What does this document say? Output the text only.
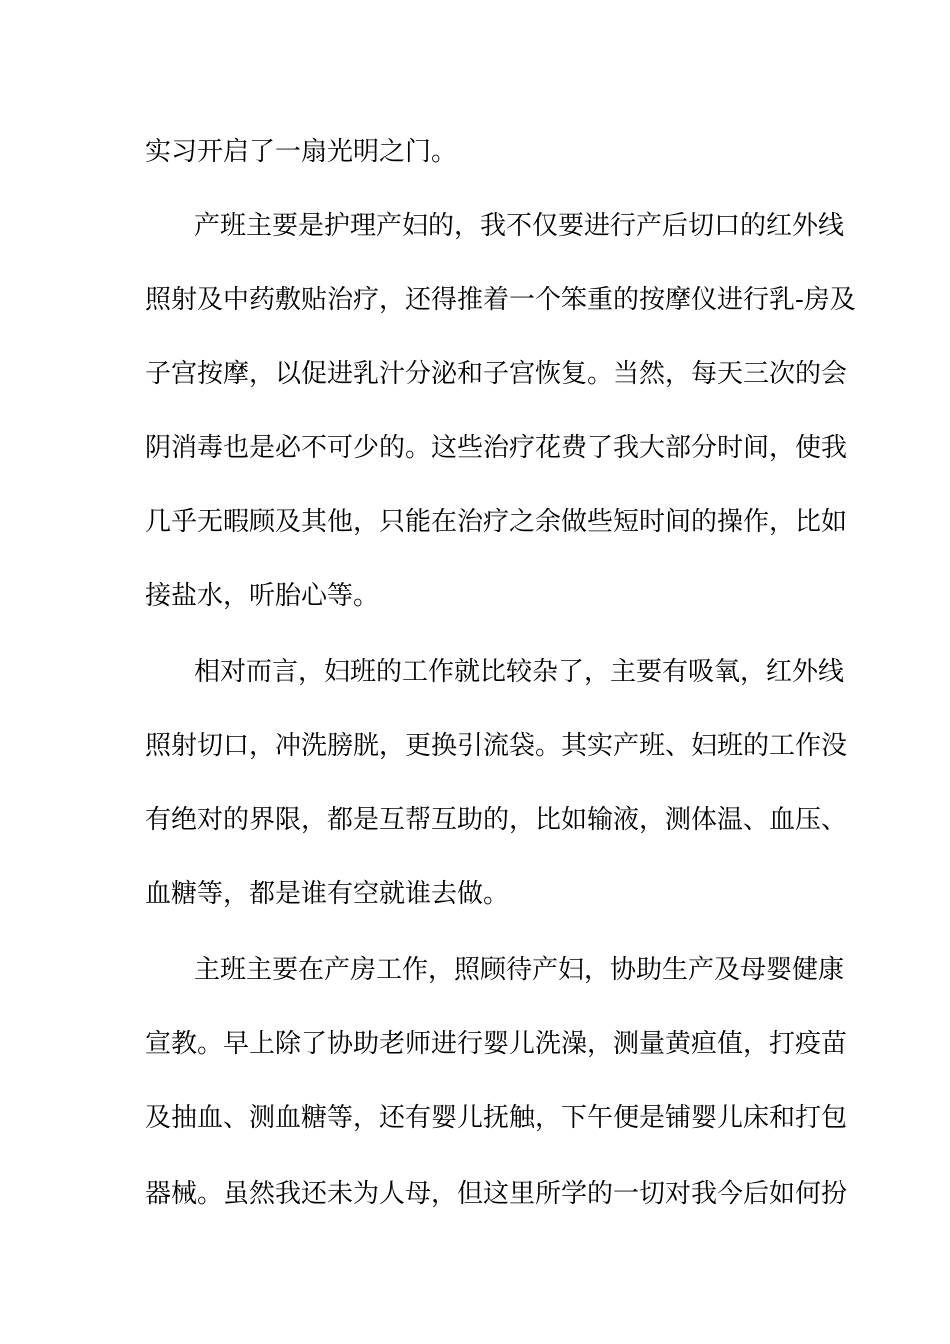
实习开启了一扇光明之门。
产班主要是护理产妇的，我不仅要进行产后切口的红外线
照射及中药敷贴治疗，还得推着一个笨重的按摩仪进行乳-房及
子宫按摩，以促进乳汁分泌和子宫恢复。当然，每天三次的会
阴消毒也是必不可少的。这些治疗花费了我大部分时间，使我
几乎无暇顾及其他，只能在治疗之余做些短时间的操作，比如
接盐水，听胎心等。
相对而言，妇班的工作就比较杂了，主要有吸氧，红外线
照射切口，冲洗膀胱，更换引流袋。其实产班、妇班的工作没
有绝对的界限，都是互帮互助的，比如输液，测体温、血压、
血糖等，都是谁有空就谁去做。
主班主要在产房工作，照顾待产妇，协助生产及母婴健康
宣教。早上除了协助老师进行婴儿洗澡，测量黄疸值，打疫苗
及抽血、测血糖等，还有婴儿抚触，下午便是铺婴儿床和打包
器械。虽然我还未为人母，但这里所学的一切对我今后如何扮
